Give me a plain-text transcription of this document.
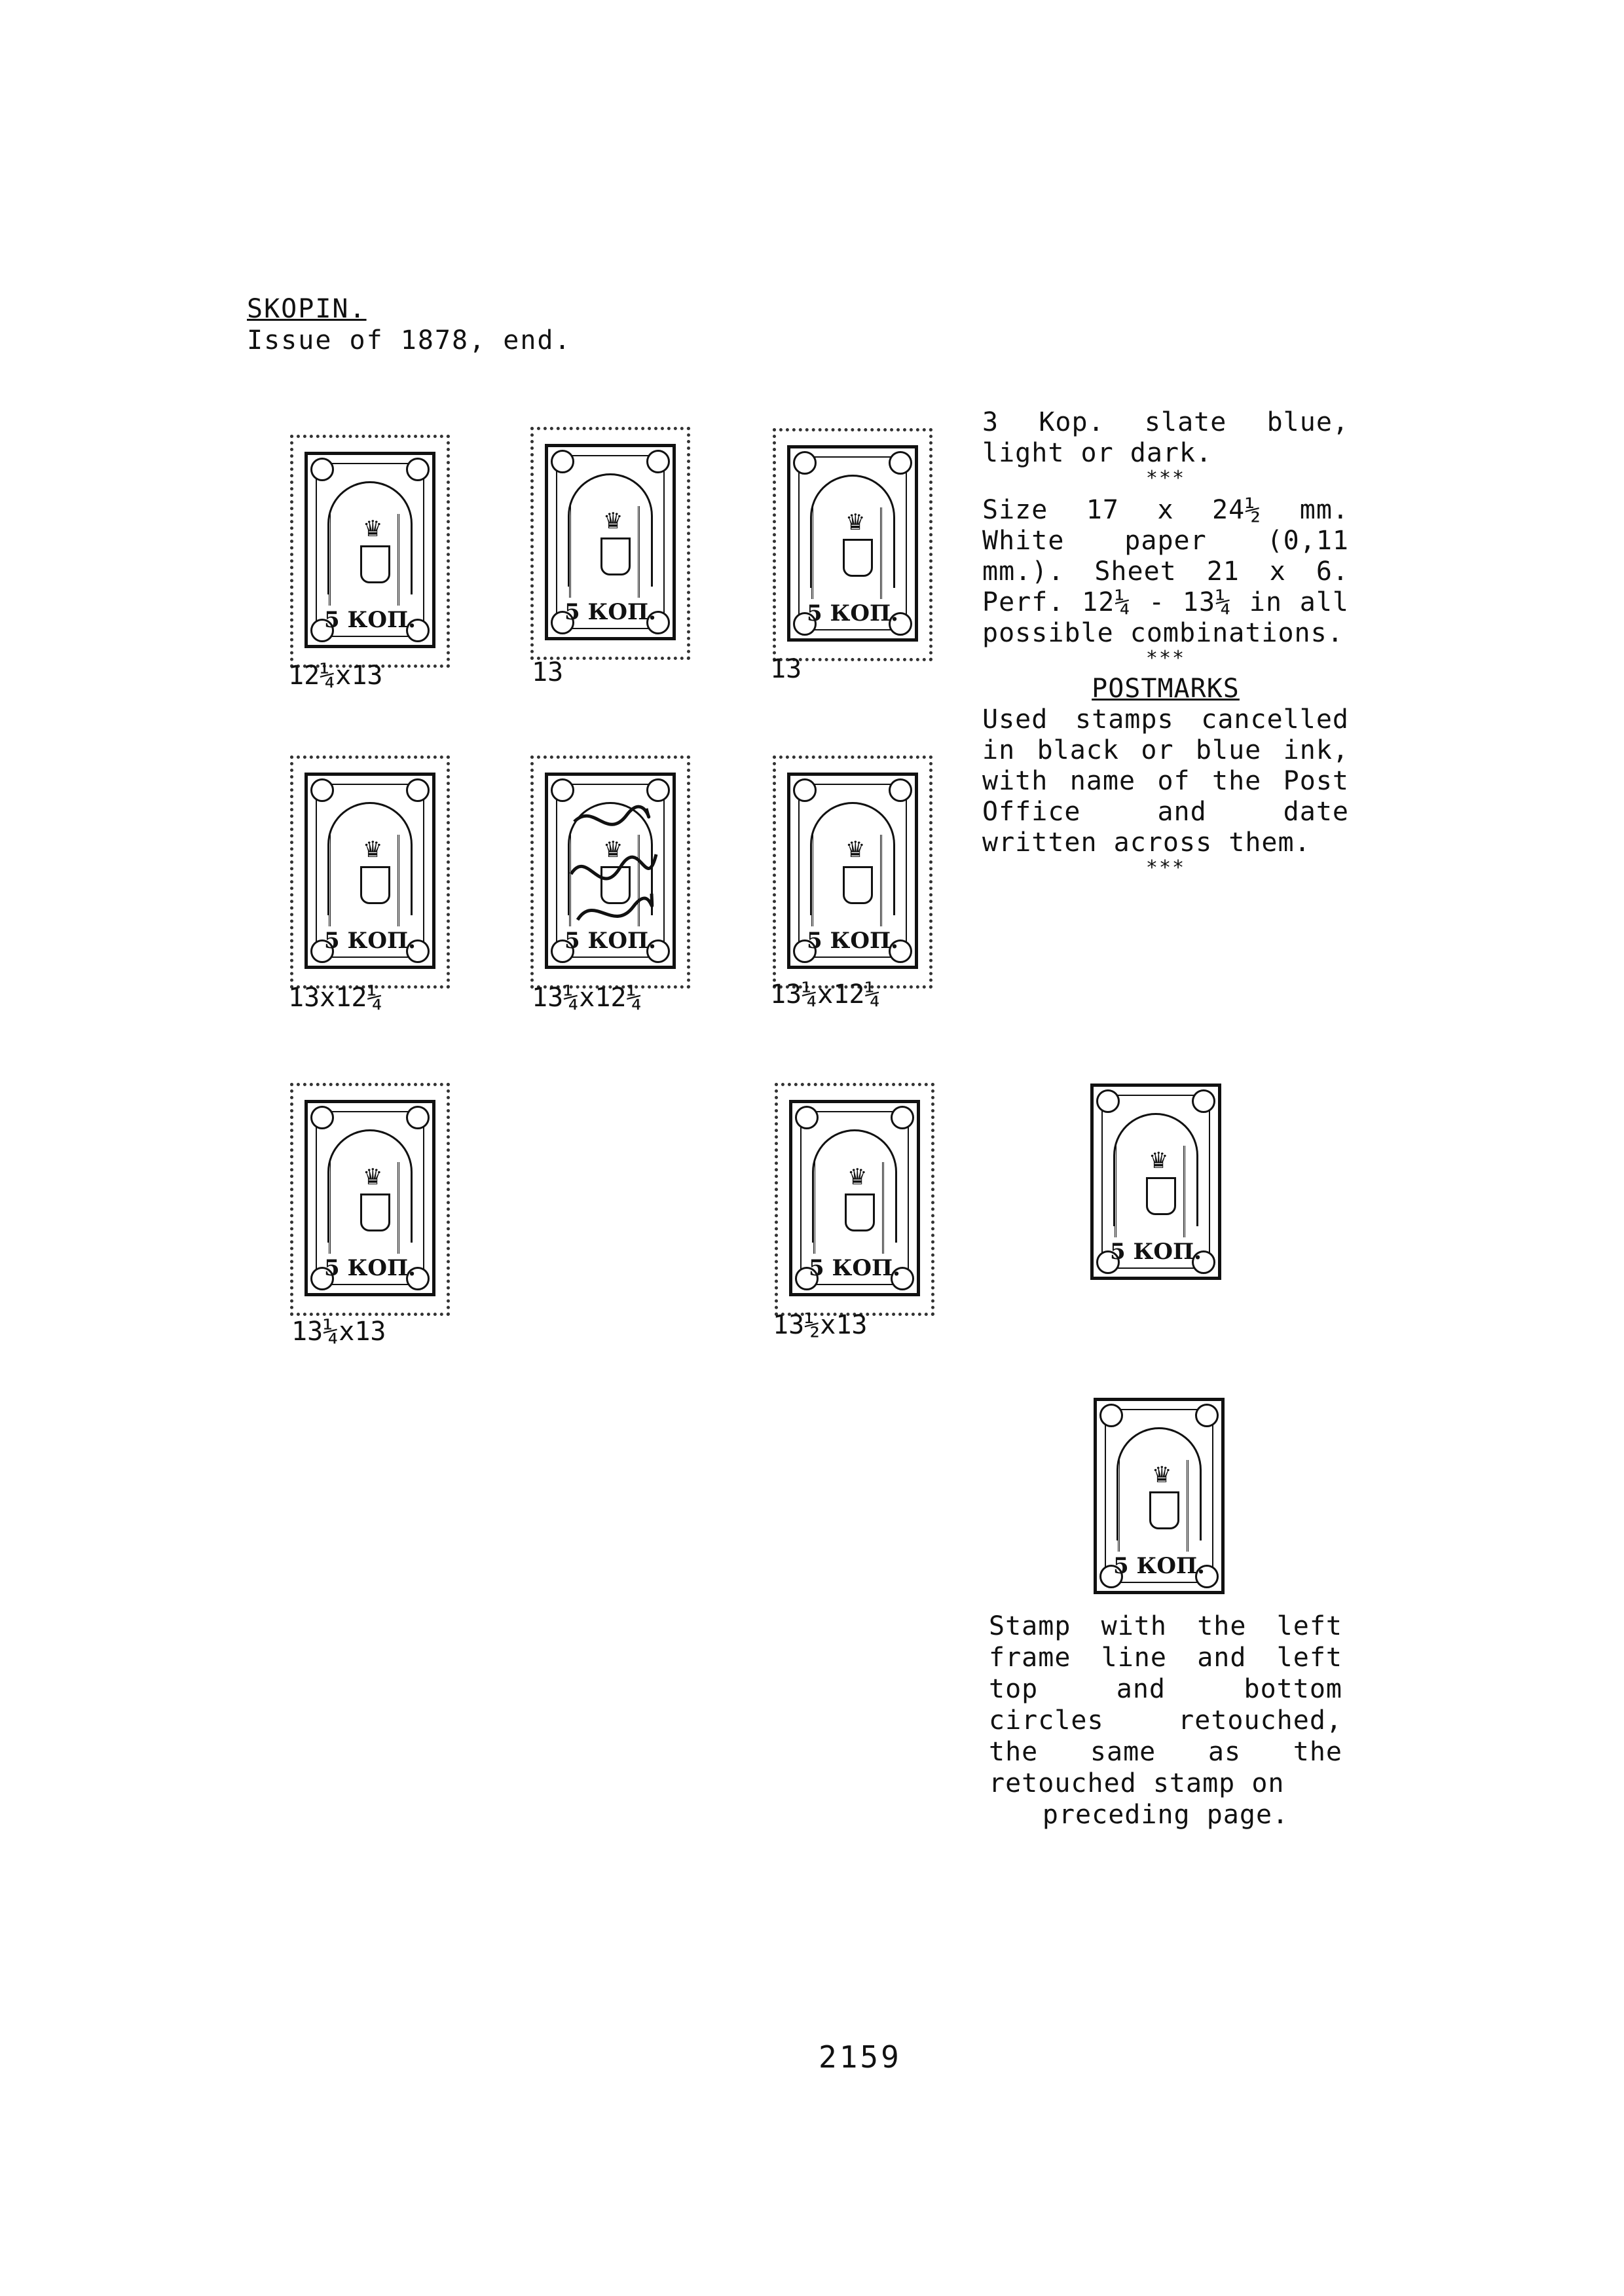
SKOPIN.
Issue of 1878, end.
♛
5 КОП.
12¼x13
♛
5 КОП.
13
♛
5 КОП.
13
♛
5 КОП.
13x12¼
♛
5 КОП.
13¼x12¼
♛
5 КОП.
13¼x12¼
♛
5 КОП.
13¼x13
♛
5 КОП.
13½x13
♛
5 КОП.
♛
5 КОП.

3 Kop. slate blue, light or dark.

***

Size 17 x 24½ mm. White paper (0,11 mm.). Sheet 21 x 6. Perf. 12¼ - 13¼ in all possible combinations.

***
POSTMARKS

Used stamps cancelled in black or blue ink, with name of the Post Office and date written across them.

***
Stamp with the left frame line and left top and bottom circles retouched, the same as the retouched stamp on
preceding page.
2159
